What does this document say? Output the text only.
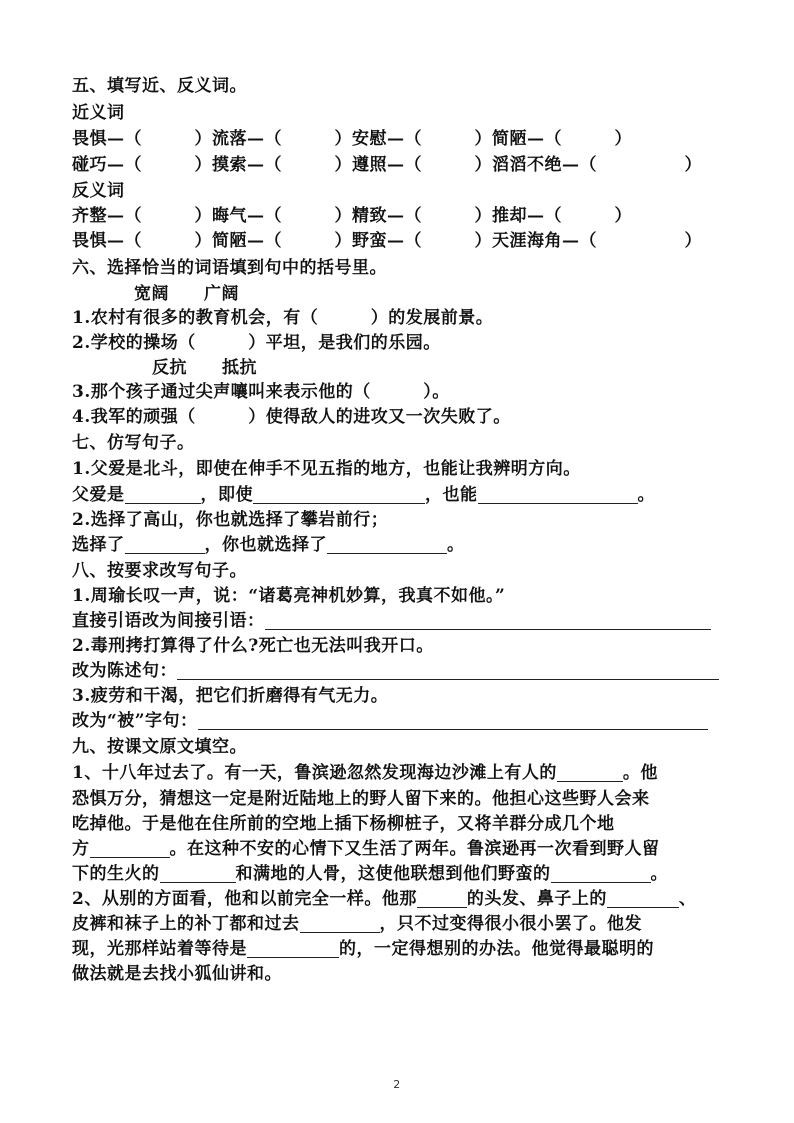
五、填写近、反义词。
近义词
畏惧—（　　　）流落—（　　　）安慰—（　　　）简陋—（　　　）
碰巧—（　　　）摸索—（　　　）遵照—（　　　）滔滔不绝—（　　　　　）
反义词
齐整—（　　　）晦气—（　　　）精致—（　　　）推却—（　　　）
畏惧—（　　　）简陋—（　　　）野蛮—（　　　）天涯海角—（　　　　　）
六、选择恰当的词语填到句中的括号里。
宽阔　　广阔
1.农村有很多的教育机会，有（　　　）的发展前景。
2.学校的操场（　　　）平坦，是我们的乐园。
反抗　　抵抗
3.那个孩子通过尖声嚷叫来表示他的（　　　）。
4.我军的顽强（　　　）使得敌人的进攻又一次失败了。
七、仿写句子。
1.父爱是北斗，即使在伸手不见五指的地方，也能让我辨明方向。
父爱是	，即使	，也能	。
2.选择了高山，你也就选择了攀岩前行；
选择了	，你也就选择了	。
八、按要求改写句子。
1.周瑜长叹一声，说：“诸葛亮神机妙算，我真不如他。”
直接引语改为间接引语：
2.毒刑拷打算得了什么?死亡也无法叫我开口。
改为陈述句：
3.疲劳和干渴，把它们折磨得有气无力。
改为“被”字句：
九、按课文原文填空。
1、十八年过去了。有一天，鲁滨逊忽然发现海边沙滩上有人的	。他
恐惧万分，猜想这一定是附近陆地上的野人留下来的。他担心这些野人会来
吃掉他。于是他在住所前的空地上插下杨柳桩子，又将羊群分成几个地
方	。在这种不安的心情下又生活了两年。鲁滨逊再一次看到野人留
下的生火的	和满地的人骨，这使他联想到他们野蛮的	。
2、从别的方面看，他和以前完全一样。他那	的头发、鼻子上的	、
皮裤和袜子上的补丁都和过去	，只不过变得很小很小罢了。他发
现，光那样站着等待是	的，一定得想别的办法。他觉得最聪明的
做法就是去找小狐仙讲和。
2
